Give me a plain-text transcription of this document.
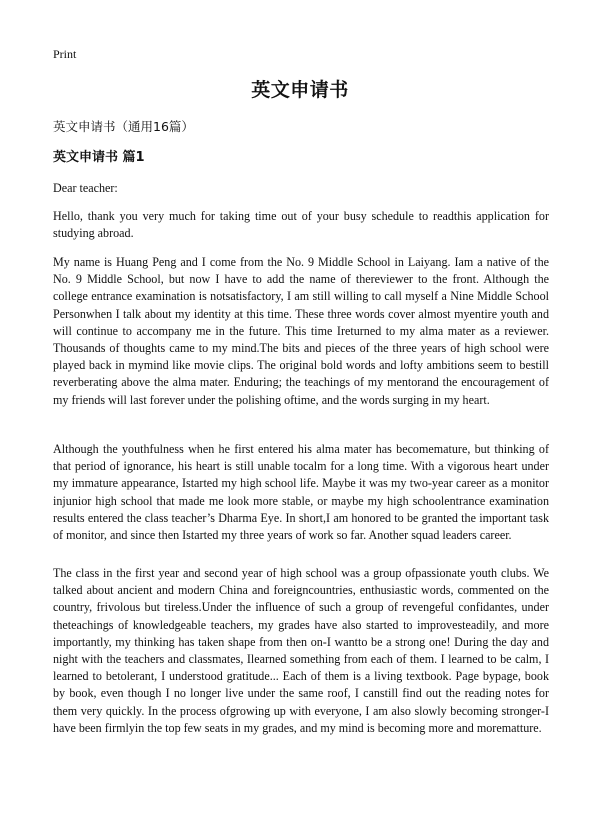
Print
英文申请书
英文申请书（通用16篇）
英文申请书 篇1

Dear teacher:

Hello, thank you very much for taking time out of your busy schedule to readthis application for studying abroad.

My name is Huang Peng and I come from the No. 9 Middle School in Laiyang. Iam a native of the No. 9 Middle School, but now I have to add the name of thereviewer to the front. Although the college entrance examination is notsatisfactory, I am still willing to call myself a Nine Middle School Personwhen I talk about my identity at this time. These three words cover almost myentire youth and will continue to accompany me in the future. This time Ireturned to my alma mater as a reviewer. Thousands of thoughts came to my mind.The bits and pieces of the three years of high school were played back in mymind like movie clips. The original bold words and lofty ambitions seem to bestill reverberating above the alma mater. Enduring; the teachings of my mentorand the encouragement of my friends will last forever under the polishing oftime, and the words surging in my heart.

Although the youthfulness when he first entered his alma mater has becomemature, but thinking of that period of ignorance, his heart is still unable tocalm for a long time. With a vigorous heart under my immature appearance, Istarted my high school life. Maybe it was my two-year career as a monitor injunior high school that made me look more stable, or maybe my high schoolentrance examination results entered the class teacher’s Dharma Eye. In short,I am honored to be granted the important task of monitor, and since then Istarted my three years of work so far. Another squad leaders career.

The class in the first year and second year of high school was a group ofpassionate youth clubs. We talked about ancient and modern China and foreigncountries, enthusiastic words, commented on the country, frivolous but tireless.Under the influence of such a group of revengeful confidantes, under theteachings of knowledgeable teachers, my grades have also started to improvesteadily, and more importantly, my thinking has taken shape from then on-I wantto be a strong one! During the day and night with the teachers and classmates, Ilearned something from each of them. I learned to be calm, I learned to betolerant, I understood gratitude... Each of them is a living textbook. Page bypage, book by book, even though I no longer live under the same roof, I canstill find out the reading notes for them very quickly. In the process ofgrowing up with everyone, I am also slowly becoming stronger-I have been firmlyin the top few seats in my grades, and my mind is becoming more and morematture.
